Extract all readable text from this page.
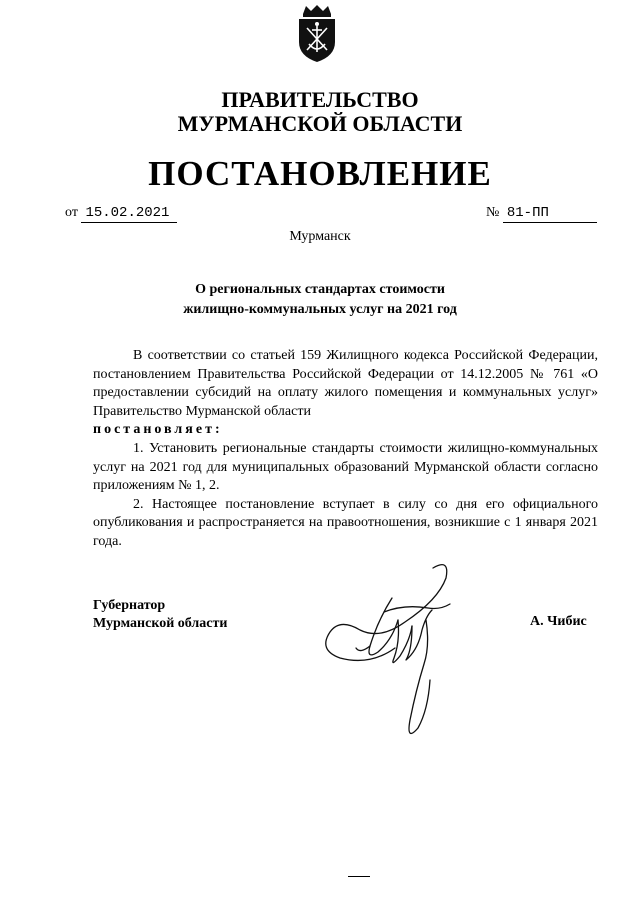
ПРАВИТЕЛЬСТВО
МУРМАНСКОЙ ОБЛАСТИ
ПОСТАНОВЛЕНИЕ
от 15.02.2021	№ 81-ПП
Мурманск
О региональных стандартах стоимости
жилищно-коммунальных услуг на 2021 год

В соответствии со статьей 159 Жилищного кодекса Российской Федерации, постановлением Правительства Российской Федерации от 14.12.2005 № 761 «О предоставлении субсидий на оплату жилого помещения и коммунальных услуг» Правительство Мурманской области

постановляет:

1. Установить региональные стандарты стоимости жилищно-коммунальных услуг на 2021 год для муниципальных образований Мурманской области согласно приложениям № 1, 2.

2. Настоящее постановление вступает в силу со дня его официального опубликования и распространяется на правоотношения, возникшие с 1 января 2021 года.

Губернатор
Мурманской области	А. Чибис
